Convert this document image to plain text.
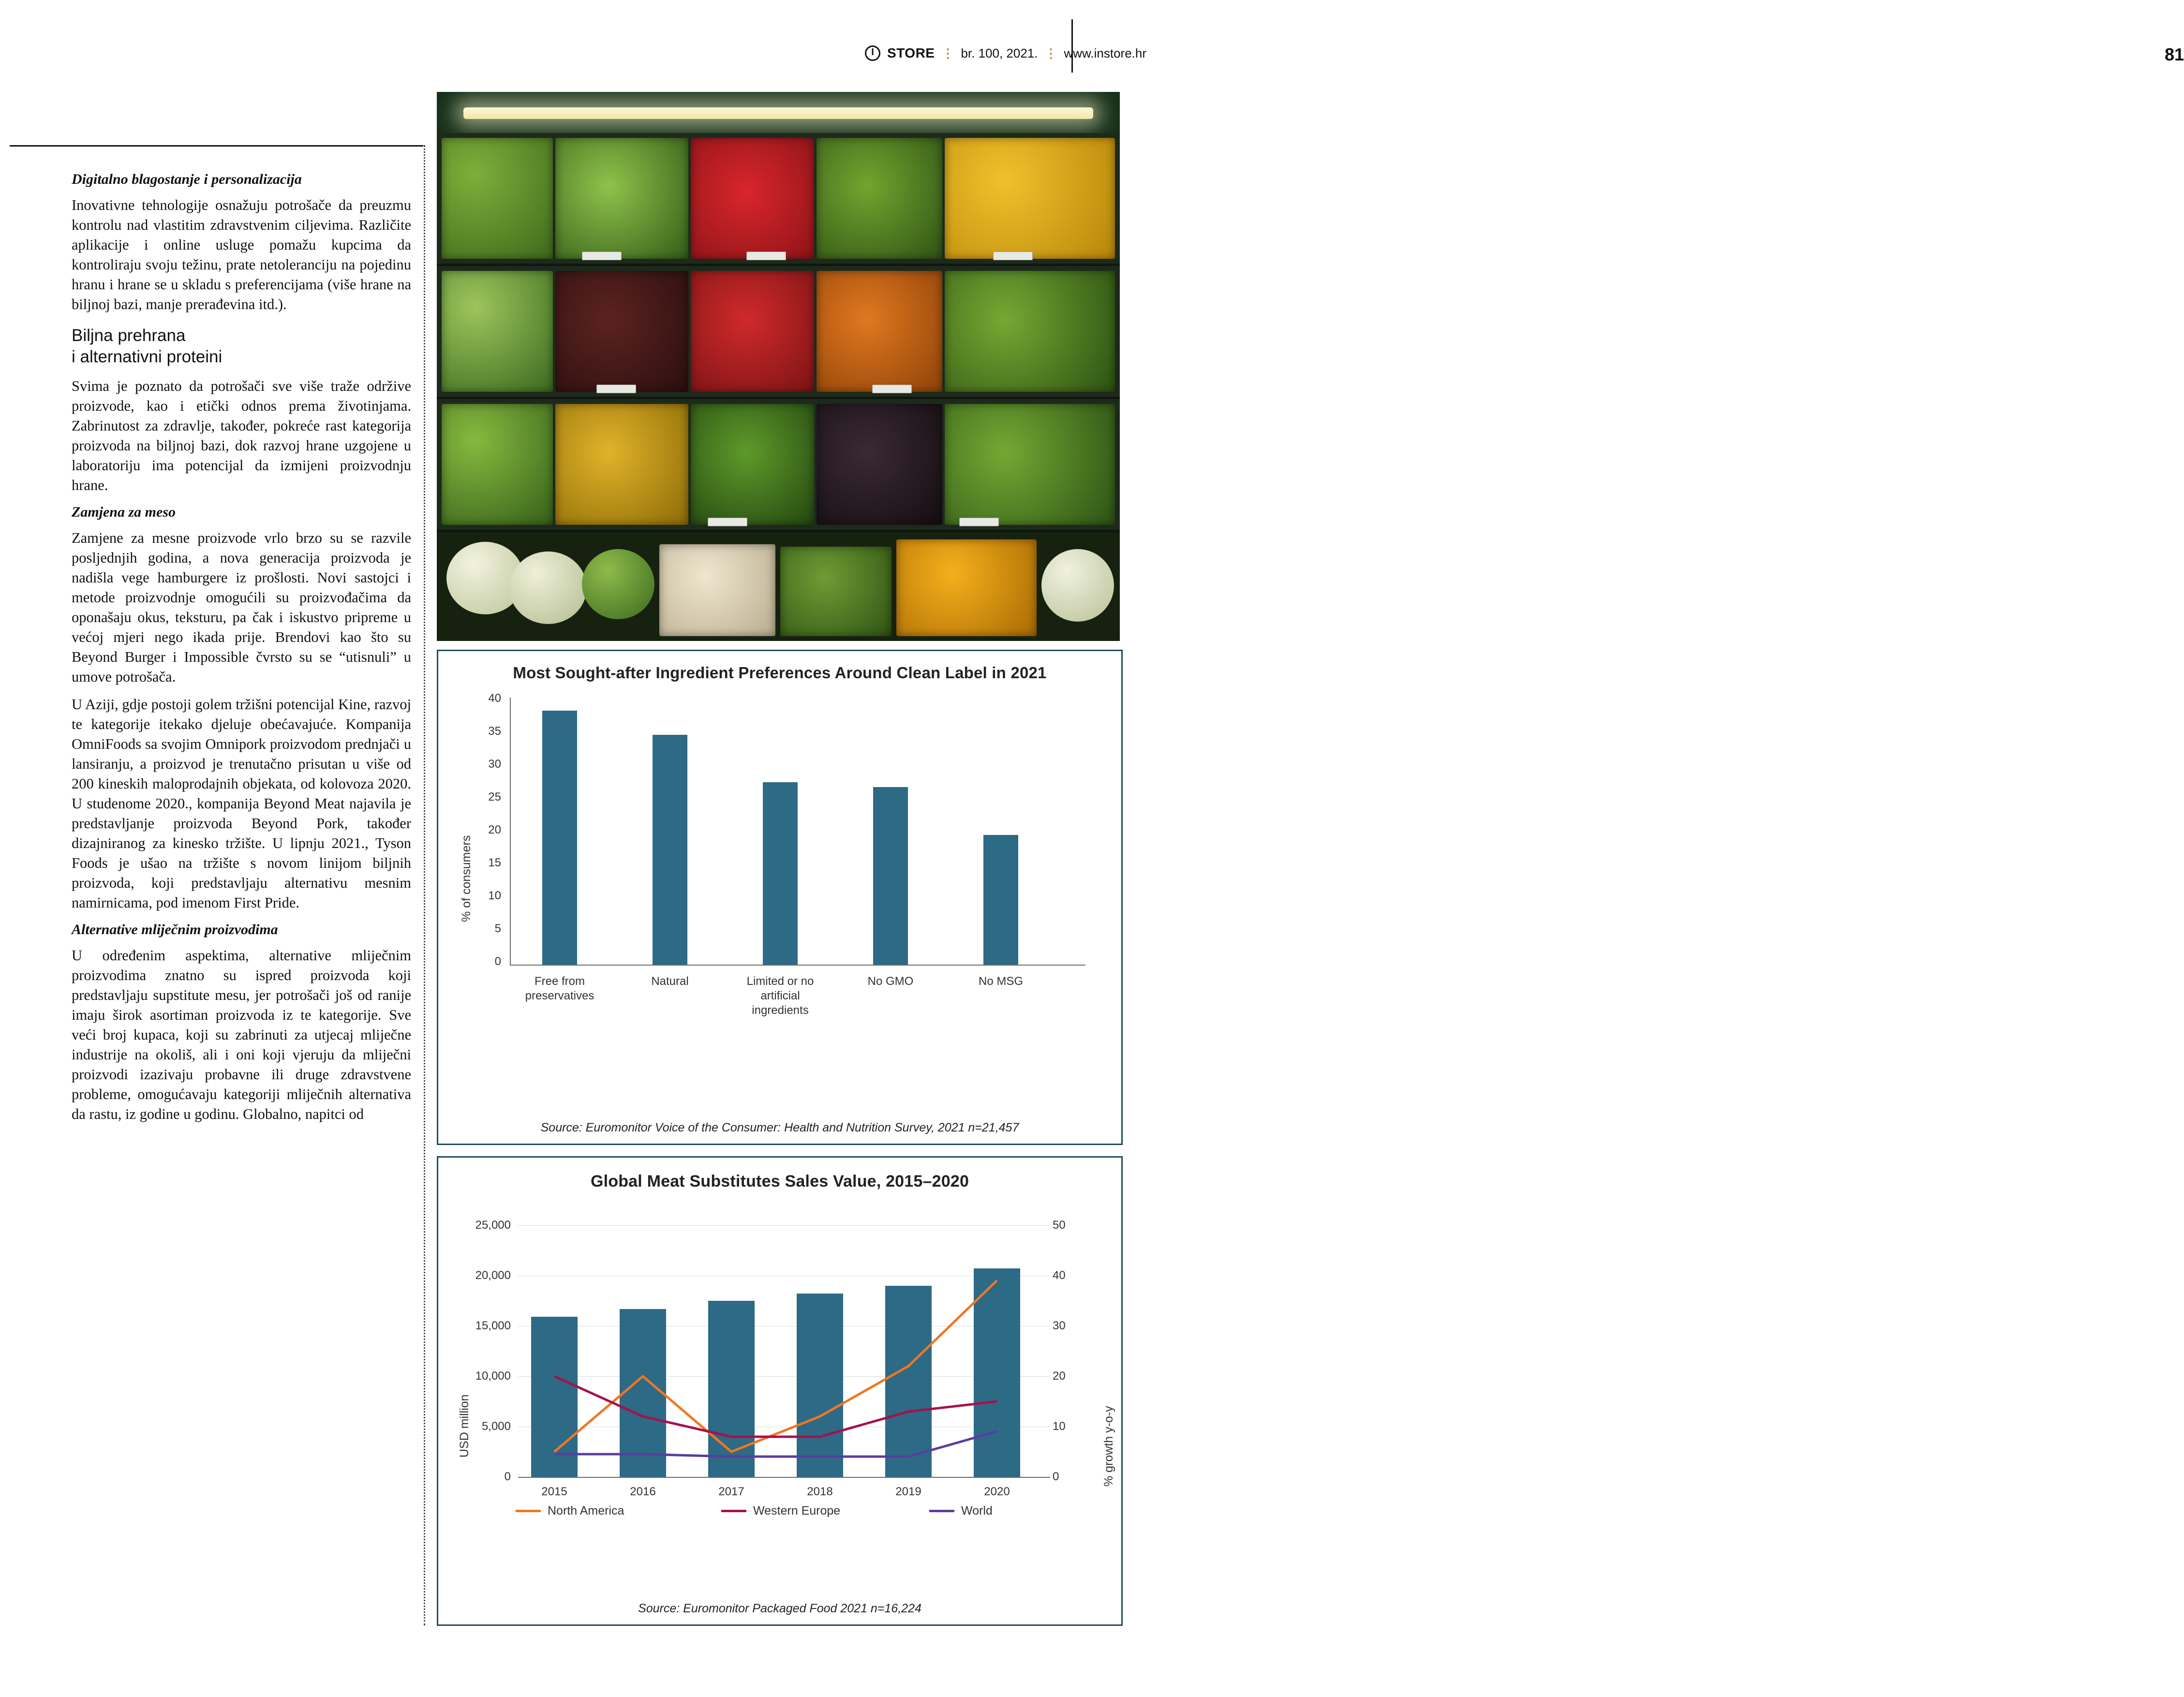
STORE ⋮ br. 100, 2021. ⋮ www.instore.hr	81
Digitalno blagostanje i personalizacija

Inovativne tehnologije osnažuju potrošače da preuzmu kontrolu nad vlastitim zdravstvenim ciljevima. Različite aplikacije i online usluge pomažu kupcima da kontroliraju svoju težinu, prate netoleranciju na pojedinu hranu i hrane se u skladu s preferencijama (više hrane na biljnoj bazi, manje prerađevina itd.).

Biljna prehrana
i alternativni proteini

Svima je poznato da potrošači sve više traže održive proizvode, kao i etički odnos prema životinjama. Zabrinutost za zdravlje, također, pokreće rast kategorija proizvoda na biljnoj bazi, dok razvoj hrane uzgojene u laboratoriju ima potencijal da izmijeni proizvodnju hrane.

Zamjena za meso

Zamjene za mesne proizvode vrlo brzo su se razvile posljednjih godina, a nova generacija proizvoda je nadišla vege hamburgere iz prošlosti. Novi sastojci i metode proizvodnje omogućili su proizvođačima da oponašaju okus, teksturu, pa čak i iskustvo pripreme u većoj mjeri nego ikada prije. Brendovi kao što su Beyond Burger i Impossible čvrsto su se “utisnuli” u umove potrošača.

U Aziji, gdje postoji golem tržišni potencijal Kine, razvoj te kategorije itekako djeluje obećavajuće. Kompanija OmniFoods sa svojim Omnipork proizvodom prednjači u lansiranju, a proizvod je trenutačno prisutan u više od 200 kineskih maloprodajnih objekata, od kolovoza 2020. U studenome 2020., kompanija Beyond Meat najavila je predstavljanje proizvoda Beyond Pork, također dizajniranog za kinesko tržište. U lipnju 2021., Tyson Foods je ušao na tržište s novom linijom biljnih proizvoda, koji predstavljaju alternativu mesnim namirnicama, pod imenom First Pride.

Alternative mliječnim proizvodima

U određenim aspektima, alternative mliječnim proizvodima znatno su ispred proizvoda koji predstavljaju supstitute mesu, jer potrošači još od ranije imaju širok asortiman proizvoda iz te kategorije. Sve veći broj kupaca, koji su zabrinuti za utjecaj mliječne industrije na okoliš, ali i oni koji vjeruju da mliječni proizvodi izazivaju probavne ili druge zdravstvene probleme, omogućavaju kategoriji mliječnih alternativa da rastu, iz godine u godinu. Globalno, napitci od

Most Sought-after Ingredient Preferences Around Clean Label in 2021
% of consumers
0
5
10
15
20
25
30
35
40
Free from preservatives
Natural	Limited or no artificial ingredients
No GMO	No MSG
Source: Euromonitor Voice of the Consumer: Health and Nutrition Survey, 2021 n=21,457
Global Meat Substitutes Sales Value, 2015–2020
USD million	% growth y-o-y
0
5,000
10,000
15,000
20,000
25,000
0
10
20
30
40
50
2015	2016	2017	2018	2019	2020
North America	Western Europe	World
Source: Euromonitor Packaged Food 2021 n=16,224
